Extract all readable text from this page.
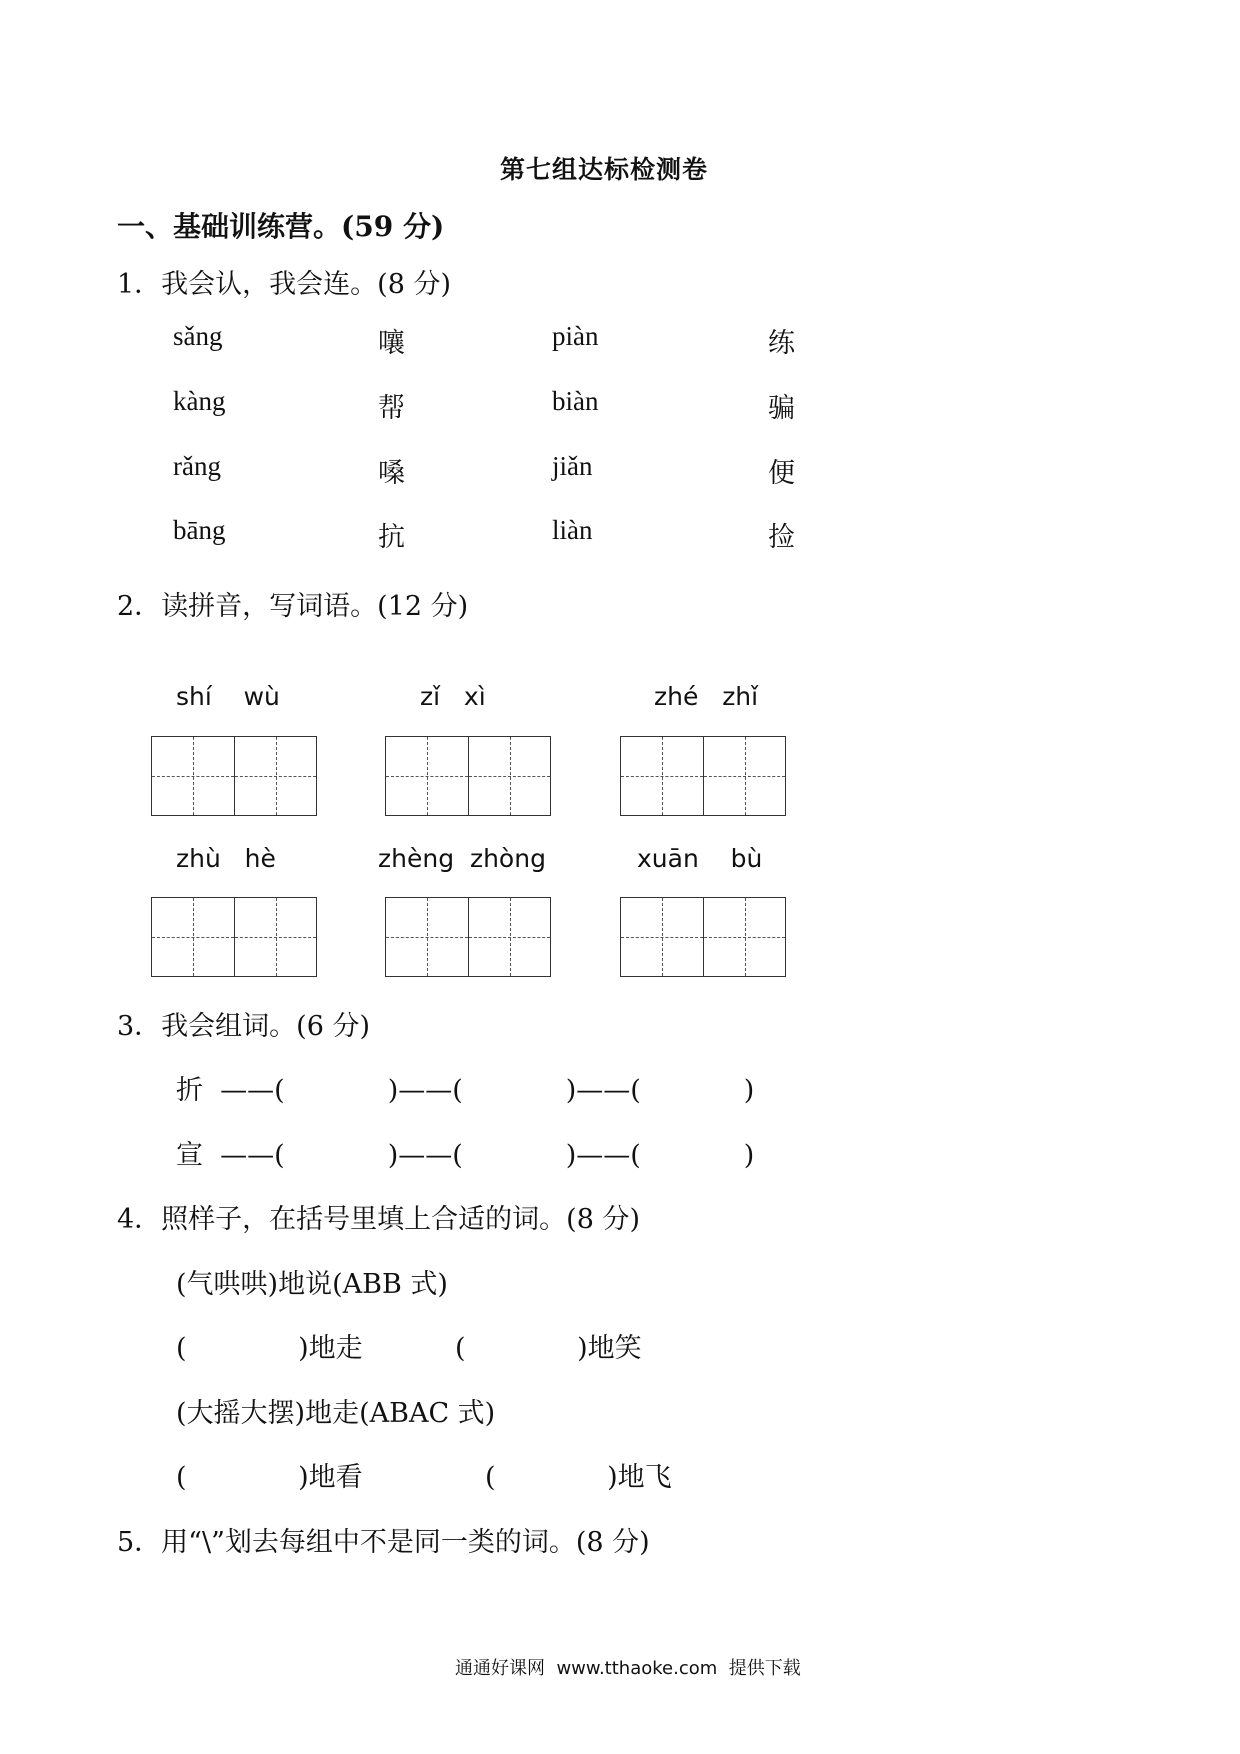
第七组达标检测卷
一、基础训练营。(59 分)
1．我会认，我会连。(8 分)
sǎng	嚷	piàn	练
kàng	帮	biàn	骗
rǎng	嗓	jiǎn	便
bāng	抗	liàn	捡
2．读拼音，写词语。(12 分)
shí    wù	zǐ   xì	zhé   zhǐ
zhù   hè	zhèng  zhòng	xuān    bù
3．我会组词。(6 分)
折  ——(            )——(            )——(            )
宣  ——(            )——(            )——(            )
4．照样子，在括号里填上合适的词。(8 分)
(气哄哄)地说(ABB 式)
(             )地走	(             )地笑
(大摇大摆)地走(ABAC 式)
(             )地看	(             )地飞
5．用“\”划去每组中不是同一类的词。(8 分)
通通好课网  www.tthaoke.com  提供下载
